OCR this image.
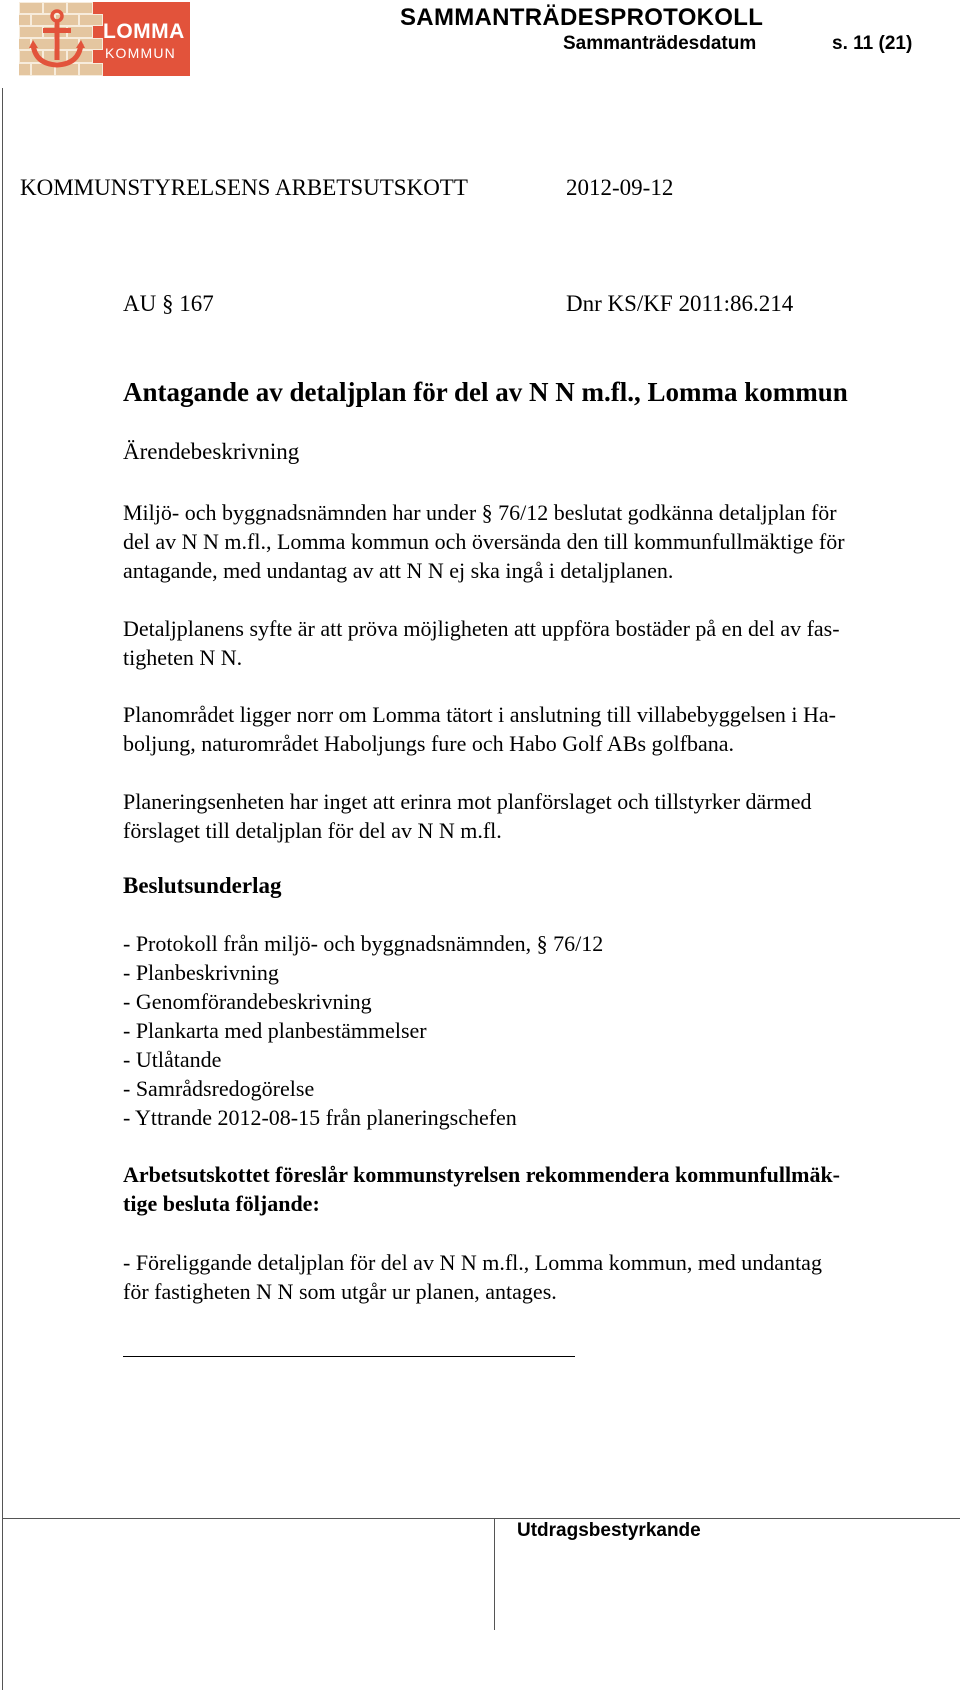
LOMMA
KOMMUN
SAMMANTRÄDESPROTOKOLL
Sammanträdesdatum	s. 11 (21)
KOMMUNSTYRELSENS ARBETSUTSKOTT	2012-09-12
AU § 167	Dnr KS/KF 2011:86.214
Antagande av detaljplan för del av N N m.fl., Lomma kommun
Ärendebeskrivning

Miljö- och byggnadsnämnden har under § 76/12 beslutat godkänna detaljplan för
del av N N m.fl., Lomma kommun och översända den till kommunfullmäktige för
antagande, med undantag av att N N ej ska ingå i detaljplanen.

Detaljplanens syfte är att pröva möjligheten att uppföra bostäder på en del av fas-
tigheten N N.

Planområdet ligger norr om Lomma tätort i anslutning till villabebyggelsen i Ha-
boljung, naturområdet Haboljungs fure och Habo Golf ABs golfbana.

Planeringsenheten har inget att erinra mot planförslaget och tillstyrker därmed
förslaget till detaljplan för del av N N m.fl.

Beslutsunderlag
- Protokoll från miljö- och byggnadsnämnden, § 76/12
- Planbeskrivning
- Genomförandebeskrivning
- Plankarta med planbestämmelser
- Utlåtande
- Samrådsredogörelse
- Yttrande 2012-08-15 från planeringschefen

Arbetsutskottet föreslår kommunstyrelsen rekommendera kommunfullmäk-
tige besluta följande:

- Föreliggande detaljplan för del av N N m.fl., Lomma kommun, med undantag
för fastigheten N N som utgår ur planen, antages.

Utdragsbestyrkande
